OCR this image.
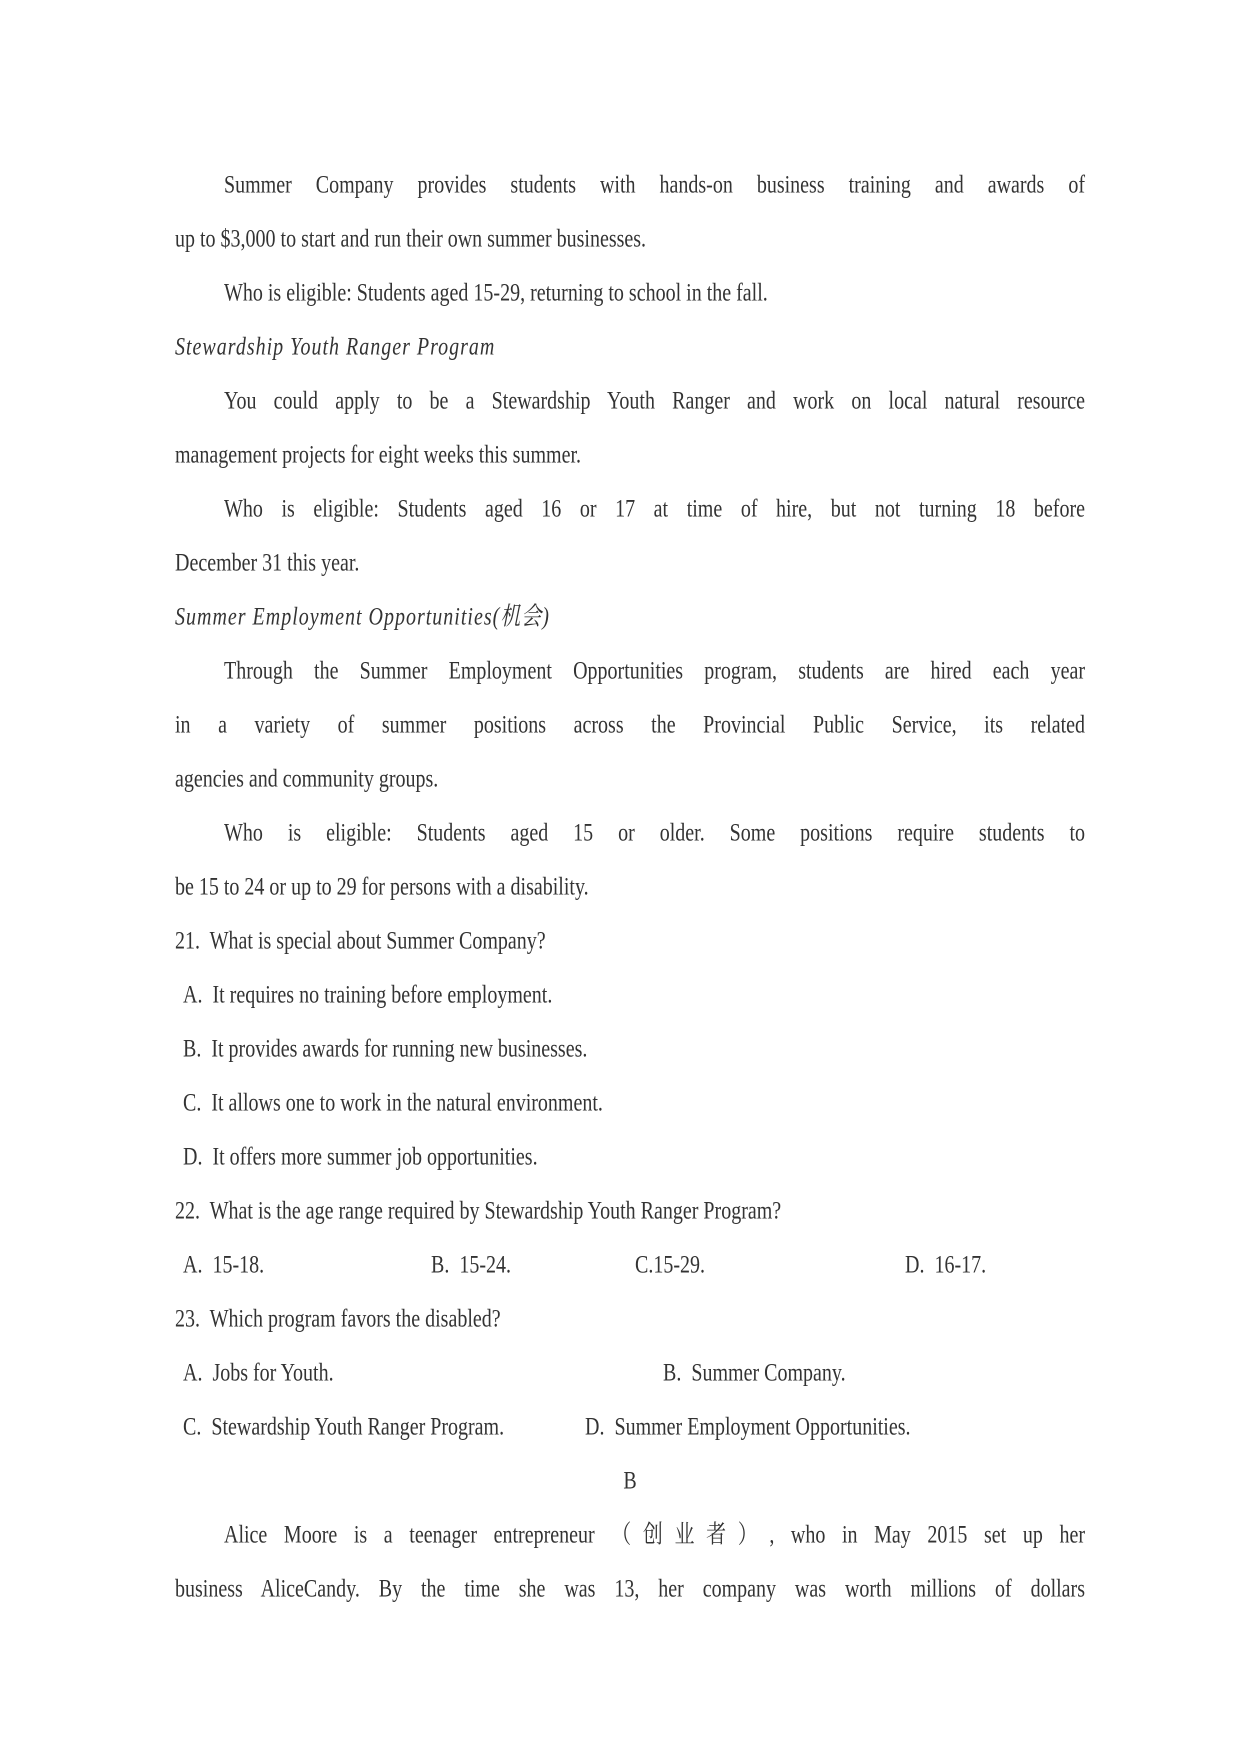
Summer Company provides students with hands-on business training and awards of
up to $3,000 to start and run their own summer businesses.
Who is eligible: Students aged 15-29, returning to school in the fall.
Stewardship Youth Ranger Program
You could apply to be a Stewardship Youth Ranger and work on local natural resource
management projects for eight weeks this summer.
Who is eligible: Students aged 16 or 17 at time of hire, but not turning 18 before
December 31 this year.
Summer Employment Opportunities(机会)
Through the Summer Employment Opportunities program, students are hired each year
in a variety of summer positions across the Provincial Public Service, its related
agencies and community groups.
Who is eligible: Students aged 15 or older. Some positions require students to
be 15 to 24 or up to 29 for persons with a disability.
21.  What is special about Summer Company?
A.  It requires no training before employment.
B.  It provides awards for running new businesses.
C.  It allows one to work in the natural environment.
D.  It offers more summer job opportunities.
22.  What is the age range required by Stewardship Youth Ranger Program?
A.  15-18.	B.  15-24.	C.15-29.	D.  16-17.
23.  Which program favors the disabled?
A.  Jobs for Youth.	B.  Summer Company.
C.  Stewardship Youth Ranger Program.	D.  Summer Employment Opportunities.
B
Alice Moore is a teenager entrepreneur （创业者）, who in May 2015 set up her
business AliceCandy. By the time she was 13, her company was worth millions of dollars
